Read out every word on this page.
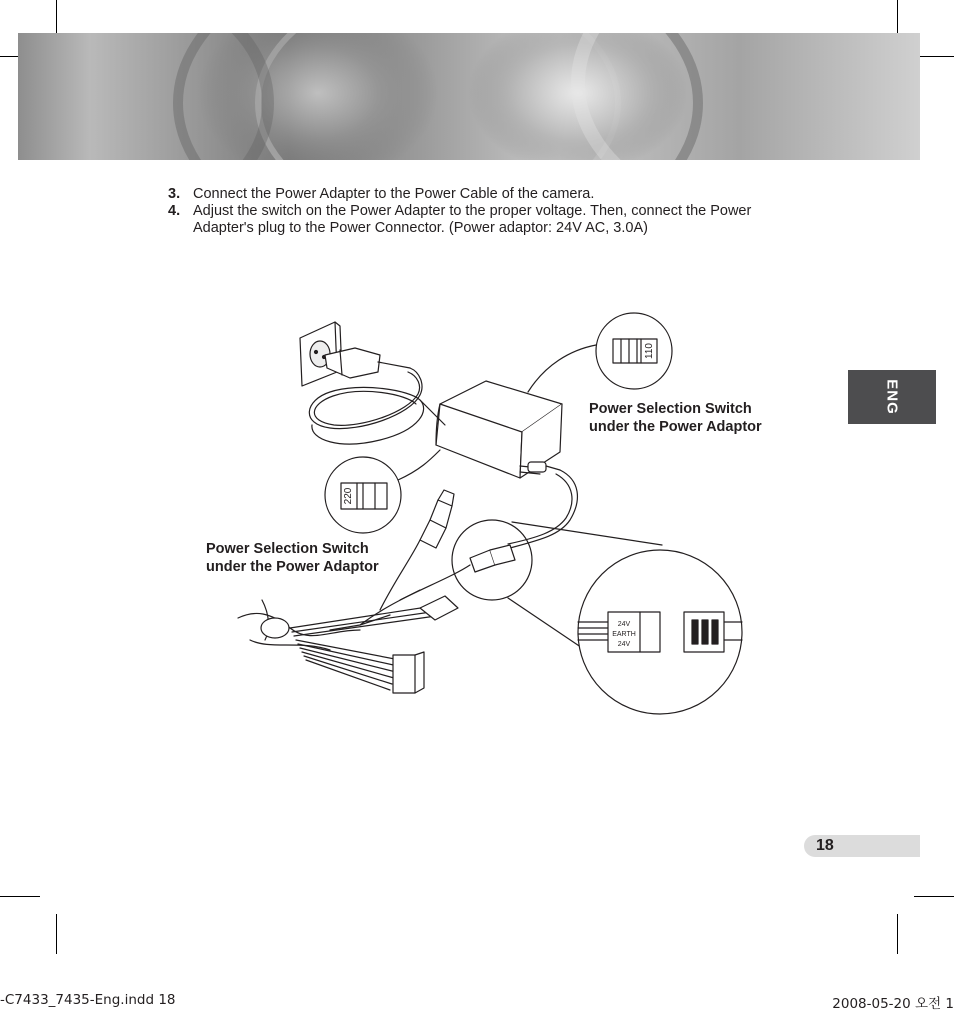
3. Connect the Power Adapter to the Power Cable of the camera.

4. Adjust the switch on the Power Adapter to the proper voltage. Then, connect the Power Adapter's plug to the Power Connector. (Power adaptor: 24V AC, 3.0A)

ENG
110
220
24V
EARTH
24V
Power Selection Switch
under the Power Adaptor
Power Selection Switch
under the Power Adaptor
18
-C7433_7435-Eng.indd 18	2008-05-20 오전 1
